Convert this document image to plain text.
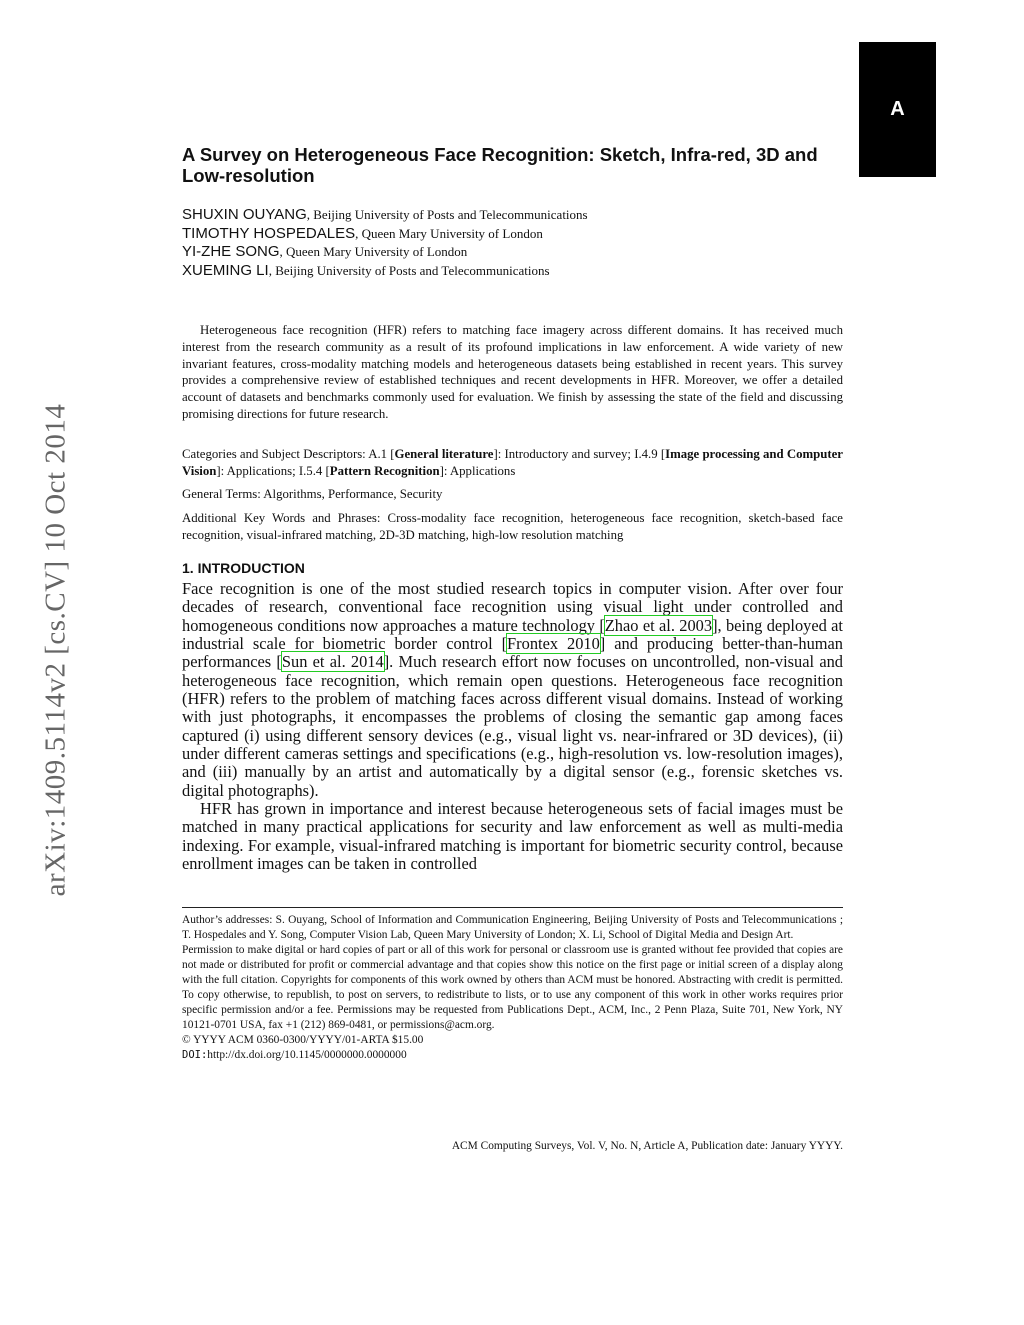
arXiv:1409.5114v2 [cs.CV] 10 Oct 2014
A
A Survey on Heterogeneous Face Recognition: Sketch, Infra-red, 3D and Low-resolution
SHUXIN OUYANG, Beijing University of Posts and Telecommunications
TIMOTHY HOSPEDALES, Queen Mary University of London
YI-ZHE SONG, Queen Mary University of London
XUEMING LI, Beijing University of Posts and Telecommunications
Heterogeneous face recognition (HFR) refers to matching face imagery across different domains. It has received much interest from the research community as a result of its profound implications in law enforcement. A wide variety of new invariant features, cross-modality matching models and heterogeneous datasets being established in recent years. This survey provides a comprehensive review of established techniques and recent developments in HFR. Moreover, we offer a detailed account of datasets and benchmarks commonly used for evaluation. We finish by assessing the state of the field and discussing promising directions for future research.
Categories and Subject Descriptors: A.1 [General literature]: Introductory and survey; I.4.9 [Image processing and Computer Vision]: Applications; I.5.4 [Pattern Recognition]: Applications
General Terms: Algorithms, Performance, Security
Additional Key Words and Phrases: Cross-modality face recognition, heterogeneous face recognition, sketch-based face recognition, visual-infrared matching, 2D-3D matching, high-low resolution matching
1. INTRODUCTION

Face recognition is one of the most studied research topics in computer vision. After over four decades of research, conventional face recognition using visual light under controlled and homogeneous conditions now approaches a mature technology [Zhao et al. 2003], being deployed at industrial scale for biometric border control [Frontex 2010] and producing better-than-human performances [Sun et al. 2014]. Much research effort now focuses on uncontrolled, non-visual and heterogeneous face recognition, which remain open questions. Heterogeneous face recognition (HFR) refers to the problem of matching faces across different visual domains. Instead of working with just photographs, it encompasses the problems of closing the semantic gap among faces captured (i) using different sensory devices (e.g., visual light vs. near-infrared or 3D devices), (ii) under different cameras settings and specifications (e.g., high-resolution vs. low-resolution images), and (iii) manually by an artist and automatically by a digital sensor (e.g., forensic sketches vs. digital photographs).

HFR has grown in importance and interest because heterogeneous sets of facial images must be matched in many practical applications for security and law enforcement as well as multi-media indexing. For example, visual-infrared matching is important for biometric security control, because enrollment images can be taken in controlled

Author’s addresses: S. Ouyang, School of Information and Communication Engineering, Beijing University of Posts and Telecommunications ; T. Hospedales and Y. Song, Computer Vision Lab, Queen Mary University of London; X. Li, School of Digital Media and Design Art.

Permission to make digital or hard copies of part or all of this work for personal or classroom use is granted without fee provided that copies are not made or distributed for profit or commercial advantage and that copies show this notice on the first page or initial screen of a display along with the full citation. Copyrights for components of this work owned by others than ACM must be honored. Abstracting with credit is permitted. To copy otherwise, to republish, to post on servers, to redistribute to lists, or to use any component of this work in other works requires prior specific permission and/or a fee. Permissions may be requested from Publications Dept., ACM, Inc., 2 Penn Plaza, Suite 701, New York, NY 10121-0701 USA, fax +1 (212) 869-0481, or permissions@acm.org.

© YYYY ACM 0360-0300/YYYY/01-ARTA $15.00

DOI:http://dx.doi.org/10.1145/0000000.0000000

ACM Computing Surveys, Vol. V, No. N, Article A, Publication date: January YYYY.
